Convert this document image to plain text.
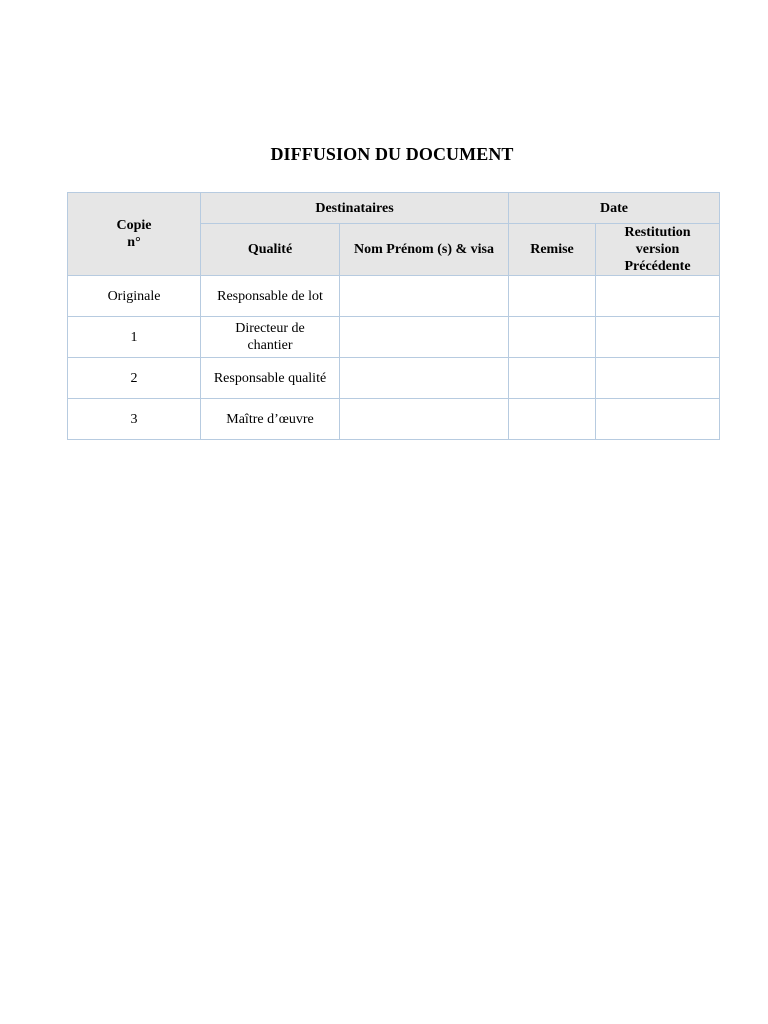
DIFFUSION DU DOCUMENT
Copie
n°	Destinataires		Date	
	Qualité	Nom Prénom (s) & visa	Remise	Restitution
version
Précédente
Originale	Responsable de lot			
1	Directeur de
chantier			
2	Responsable qualité			
3	Maître d’œuvre			
